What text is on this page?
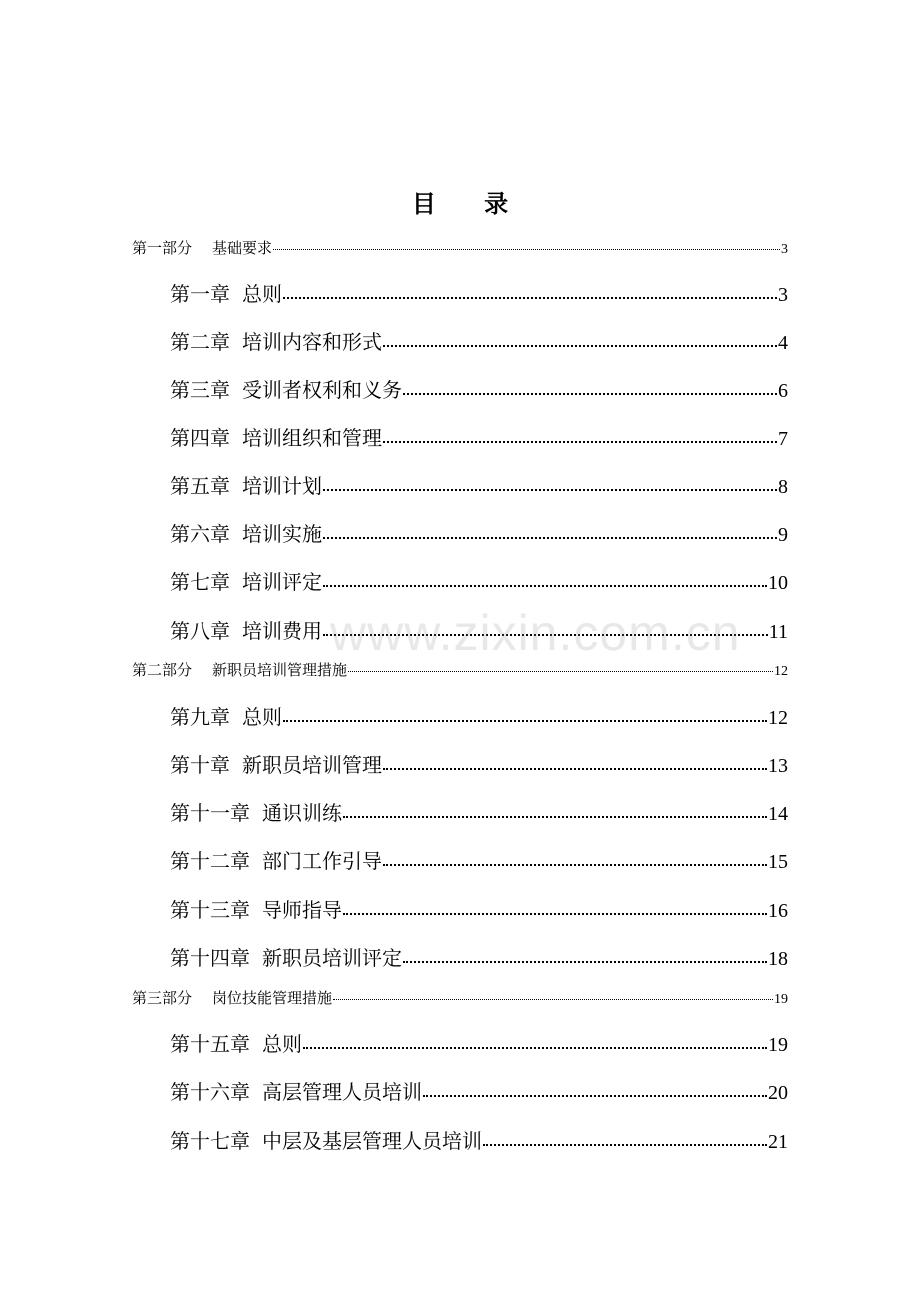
目 录
第一部分 基础要求	3
第一章 总则	3
第二章 培训内容和形式	4
第三章 受训者权利和义务	6
第四章 培训组织和管理	7
第五章 培训计划	8
第六章 培训实施	9
第七章 培训评定	10
第八章 培训费用	11
第二部分 新职员培训管理措施	12
第九章 总则	12
第十章 新职员培训管理	13
第十一章 通识训练	14
第十二章 部门工作引导	15
第十三章 导师指导	16
第十四章 新职员培训评定	18
第三部分 岗位技能管理措施	19
第十五章 总则	19
第十六章 高层管理人员培训	20
第十七章 中层及基层管理人员培训	21
www.zixin.com.cn
